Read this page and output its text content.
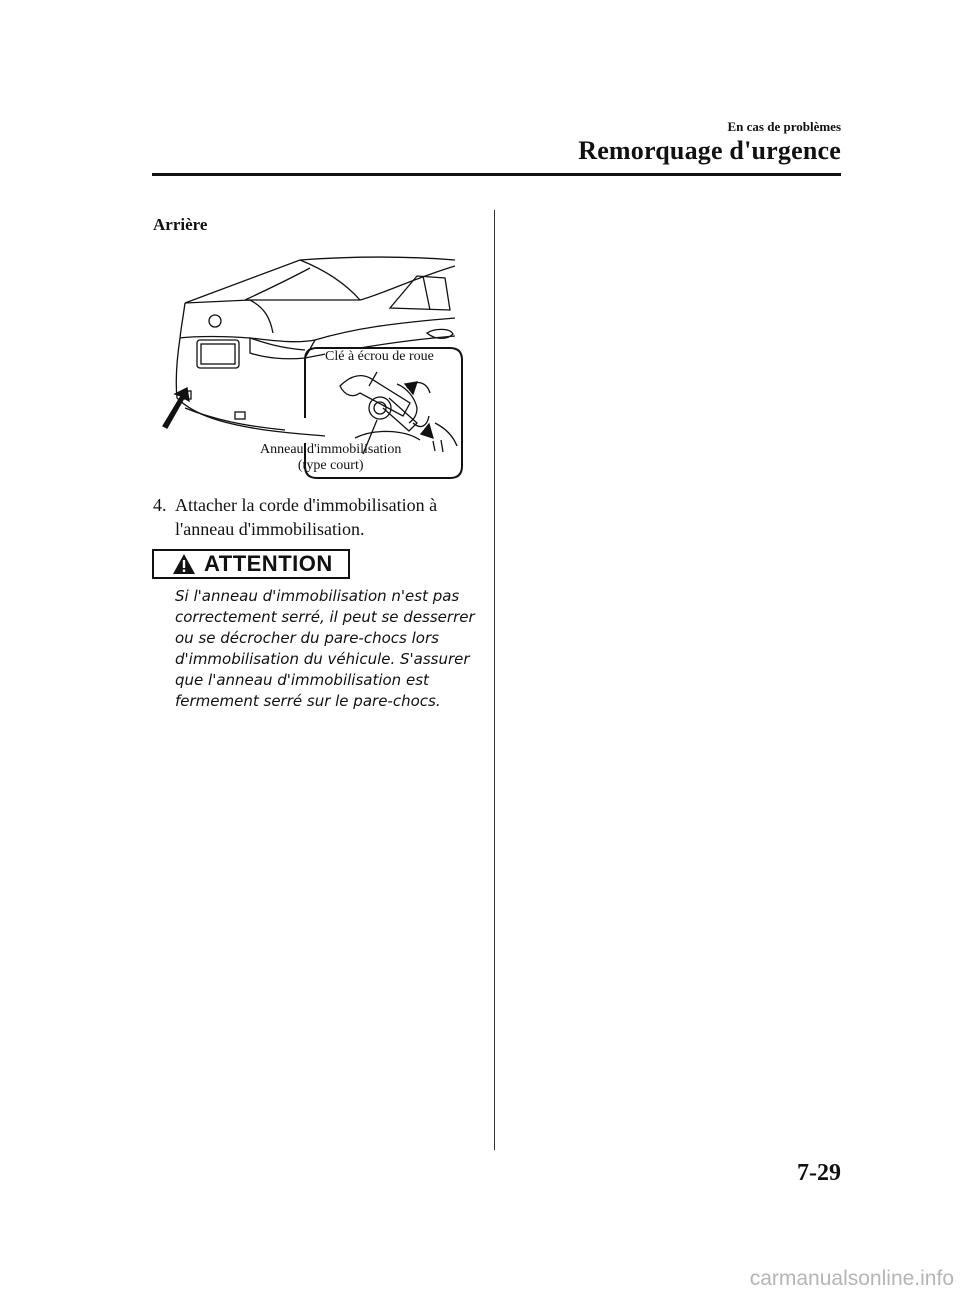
En cas de problèmes
Remorquage d'urgence
Arrière
Clé à écrou de roue
Anneau d'immobilisation
(type court)
4. Attacher la corde d'immobilisation à l'anneau d'immobilisation.
ATTENTION

Si l'anneau d'immobilisation n'est pas correctement serré, il peut se desserrer ou se décrocher du pare-chocs lors d'immobilisation du véhicule. S'assurer que l'anneau d'immobilisation est fermement serré sur le pare-chocs.

7-29
carmanualsonline.info
